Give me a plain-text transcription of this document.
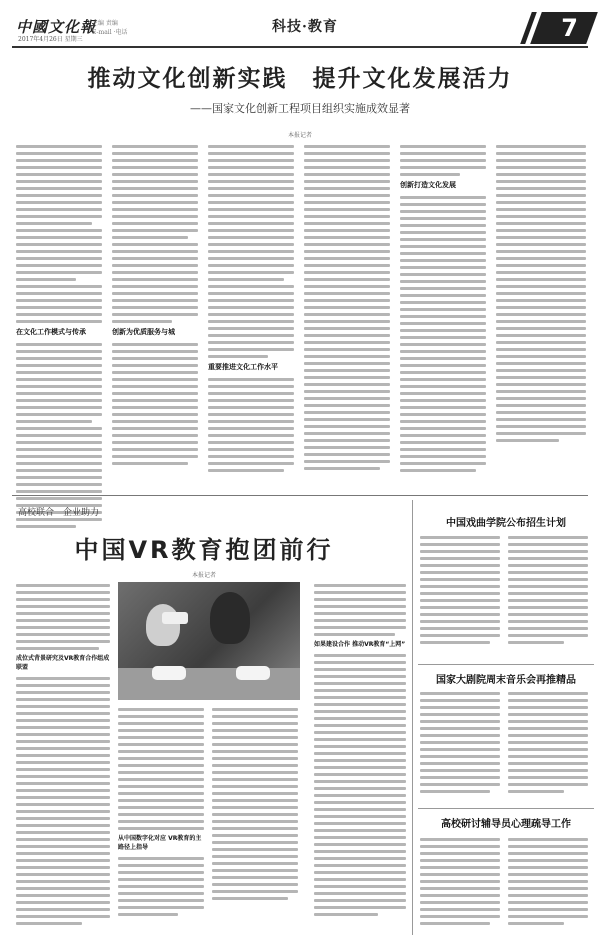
中國文化報
2017年4月26日 星期三
主编 责编
E-mail ·电话	科技·教育	7
推动文化创新实践　提升文化发展活力
——国家文化创新工程项目组织实施成效显著
本报记者
在文化工作模式与传承	创新为优质服务与城
重要推进文化工作水平
创新打造文化发展
高校联合　企业助力
中国VR教育抱团前行
本报记者
成位式背景研究及VR教育合作组成联盟
从中国数字化对应 VR教育的主路径上指导
如果建设合作 推动VR教育“上网”
中国戏曲学院公布招生计划
国家大剧院周末音乐会再推精品
高校研讨辅导员心理疏导工作
